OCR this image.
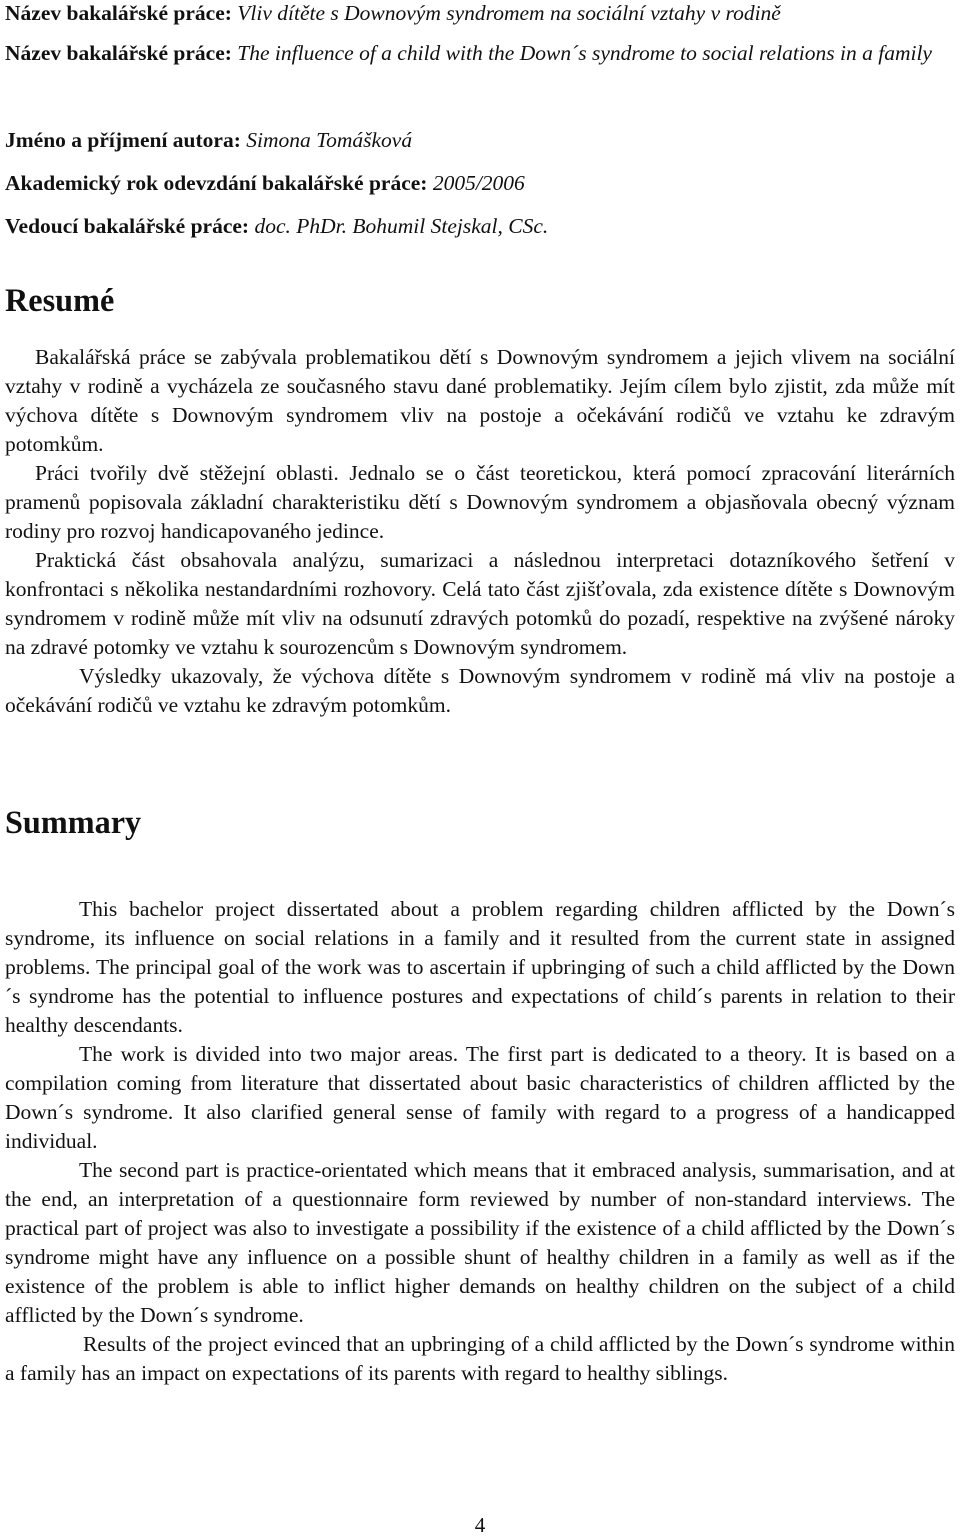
Název bakalářské práce: Vliv dítěte s Downovým syndromem na sociální vztahy v rodině

Název bakalářské práce: The influence of a child with the Down´s syndrome to social relations in a family

Jméno a příjmení autora: Simona Tomášková

Akademický rok odevzdání bakalářské práce: 2005/2006

Vedoucí bakalářské práce: doc. PhDr. Bohumil Stejskal, CSc.

Resumé

Bakalářská práce se zabývala problematikou dětí s Downovým syndromem a jejich vlivem na sociální vztahy v rodině a vycházela ze současného stavu dané problematiky. Jejím cílem bylo zjistit, zda může mít výchova dítěte s Downovým syndromem vliv na postoje a očekávání rodičů ve vztahu ke zdravým potomkům.

Práci tvořily dvě stěžejní oblasti. Jednalo se o část teoretickou, která pomocí zpracování literárních pramenů popisovala základní charakteristiku dětí s Downovým syndromem a objasňovala obecný význam rodiny pro rozvoj handicapovaného jedince.

Praktická část obsahovala analýzu, sumarizaci a následnou interpretaci dotazníkového šetření v konfrontaci s několika nestandardními rozhovory. Celá tato část zjišťovala, zda existence dítěte s Downovým syndromem v rodině může mít vliv na odsunutí zdravých potomků do pozadí, respektive na zvýšené nároky na zdravé potomky ve vztahu k sourozencům s Downovým syndromem.

Výsledky ukazovaly, že výchova dítěte s Downovým syndromem v rodině má vliv na postoje a očekávání rodičů ve vztahu ke zdravým potomkům.

Summary

This bachelor project dissertated about a problem regarding children afflicted by the Down´s syndrome, its influence on social relations in a family and it resulted from the current state in assigned problems. The principal goal of the work was to ascertain if upbringing of such a child afflicted by the Down´s syndrome has the potential to influence postures and expectations of child´s parents in relation to their healthy descendants.

The work is divided into two major areas. The first part is dedicated to a theory. It is based on a compilation coming from literature that dissertated about basic characteristics of children afflicted by the Down´s syndrome. It also clarified general sense of family with regard to a progress of a handicapped individual.

The second part is practice-orientated which means that it embraced analysis, summarisation, and at the end, an interpretation of a questionnaire form reviewed by number of non-standard interviews. The practical part of project was also to investigate a possibility if the existence of a child afflicted by the Down´s syndrome might have any influence on a possible shunt of healthy children in a family as well as if the existence of the problem is able to inflict higher demands on healthy children on the subject of a child afflicted by the Down´s syndrome.

Results of the project evinced that an upbringing of a child afflicted by the Down´s syndrome within a family has an impact on expectations of its parents with regard to healthy siblings.

4
